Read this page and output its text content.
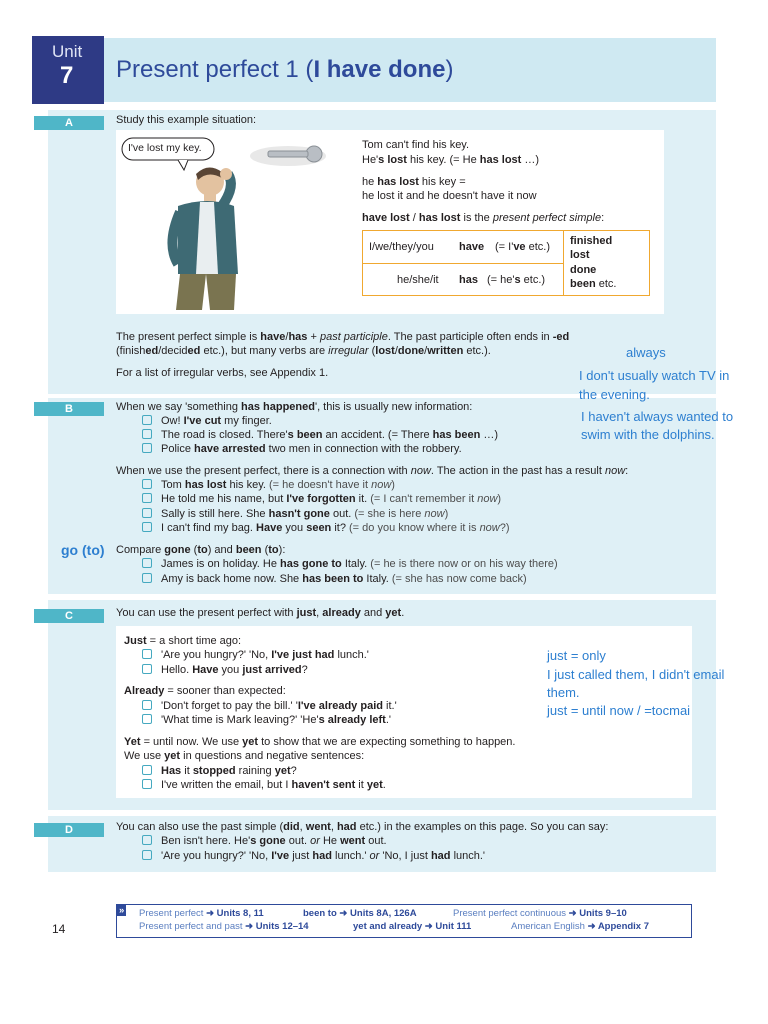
Unit
7 Present perfect 1 (I have done)
A	Study this example situation:
I've lost my key.	Tom can't find his key.
He's lost his key. (= He has lost …)
he has lost his key =
he lost it and he doesn't have it now
have lost / has lost is the present perfect simple:
I/we/they/you have (= I've etc.)
he/she/it has (= he's etc.)
finished
lost
done
been etc.
The present perfect simple is have/has + past participle. The past participle often ends in -ed
(finished/decided etc.), but many verbs are irregular (lost/done/written etc.).
For a list of irregular verbs, see Appendix 1.
B	When we say 'something has happened', this is usually new information:
Ow! I've cut my finger.
The road is closed. There's been an accident. (= There has been …)
Police have arrested two men in connection with the robbery.
When we use the present perfect, there is a connection with now. The action in the past has a result now:
Tom has lost his key. (= he doesn't have it now)
He told me his name, but I've forgotten it. (= I can't remember it now)
Sally is still here. She hasn't gone out. (= she is here now)
I can't find my bag. Have you seen it? (= do you know where it is now?)
Compare gone (to) and been (to):
James is on holiday. He has gone to Italy. (= he is there now or on his way there)
Amy is back home now. She has been to Italy. (= she has now come back)
C	You can use the present perfect with just, already and yet.
Just = a short time ago:
'Are you hungry?' 'No, I've just had lunch.'
Hello. Have you just arrived?
Already = sooner than expected:
'Don't forget to pay the bill.' 'I've already paid it.'
'What time is Mark leaving?' 'He's already left.'
Yet = until now. We use yet to show that we are expecting something to happen.
We use yet in questions and negative sentences:
Has it stopped raining yet?
I've written the email, but I haven't sent it yet.
D	You can also use the past simple (did, went, had etc.) in the examples on this page. So you can say:
Ben isn't here. He's gone out. or He went out.
'Are you hungry?' 'No, I've just had lunch.' or 'No, I just had lunch.'
always
I don't usually watch TV in
the evening.
I haven't always wanted to
swim with the dolphins.
go (to)
just = only
I just called them, I didn't email
them.
just = until now / =tocmai
» Present perfect ➜ Units 8, 11	been to ➜ Units 8A, 126A	Present perfect continuous ➜ Units 9–10
Present perfect and past ➜ Units 12–14	yet and already ➜ Unit 111	American English ➜ Appendix 7
14
